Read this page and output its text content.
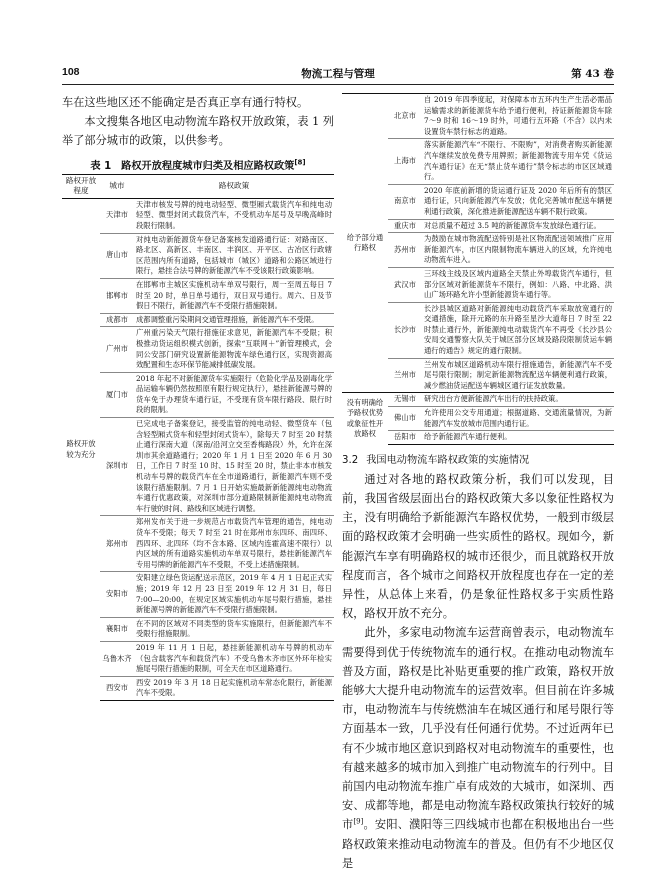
108	物流工程与管理	第 43 卷

车在这些地区还不能确定是否真正享有通行特权。

本文搜集各地区电动物流车路权开放政策，表 1 列举了部分城市的政策，以供参考。

表 1 路权开放程度城市归类及相应路权政策[8]
路权开放程度	城市	路权政策
路权开放较为充分	天津市	天津市核发号牌的纯电动轻型、微型厢式载货汽车和纯电动轻型、微型封闭式载货汽车，不受机动车尾号及早晚高峰时段限行限制。
	唐山市	对纯电动新能源货车登记备案核发道路通行证：对路南区、路北区、高新区、丰南区、丰润区、开平区、古冶区行政辖区范围内所有道路，包括城市（城区）道路和公路区域进行限行，悬挂合法号牌的新能源汽车不受该限行政策影响。
	邯郸市	在邯郸市主城区实施机动车单双号限行，周一至周五每日 7 时至 20 时，单日单号通行，双日双号通行。周六、日及节假日不限行，新能源汽车不受限行措施限制。
	成都市	成都调整重污染期间交通管理措施，新能源汽车不受限。
	广州市	广州重污染天气限行措施征求意见，新能源汽车不受限；积极推动货运组织模式创新，探索“互联网＋”新管理模式，会同公安部门研究设置新能源物流车绿色通行区，实现资源高效配置和生态环保节能减排低碳发展。
	厦门市	2018 年起不对新能源货车实施限行（危险化学品及剧毒化学品运输车辆仍然按照原有限行规定执行），悬挂新能源号牌的货车免于办理货车通行证，不受现有货车限行路段、限行时段的限制。
	深圳市	已完成电子备案登记，接受监管的纯电动轻、微型货车（包含轻型厢式货车和轻型封闭式货车），除每天 7 时至 20 时禁止通行深南大道（深南/沿河立交至香梅路段）外，允许在深圳市其余道路通行；2020 年 1 月 1 日至 2020 年 6 月 30 日，工作日 7 时至 10 时、15 时至 20 时，禁止非本市核发机动车号牌的载货汽车在全市道路通行，新能源汽车则不受该限行措施限制。7 月 1 日开始实施最新新能源纯电动物流车通行优惠政策，对深圳市部分道路限制新能源纯电动物流车行驶的时间、路线和区域进行调整。
	郑州市	郑州发布关于进一步规范占市载货汽车管理的通告，纯电动货车不受限；每天 7 时至 21 时在郑州市东四环、南四环、西四环、北四环（均不含本路、区域内连霍高速不限行）以内区域的所有道路实施机动车单双号限行，悬挂新能源汽车专用号牌的新能源汽车不受限，不受上述措施限制。
	安阳市	安阳建立绿色货运配送示范区，2019 年 4 月 1 日起正式实施；2019 年 12 月 23 日至 2019 年 12 月 31 日，每日 7:00—20:00，在规定区域实施机动车尾号限行措施，悬挂新能源号牌的新能源汽车不受限行措施限制。
	襄阳市	在不同的区域对不同类型的货车实施限行，但新能源汽车不受限行措施限制。
	乌鲁木齐	2019 年 11 月 1 日起，悬挂新能源机动车号牌的机动车（包含载客汽车和载货汽车）不受乌鲁木齐市区外环年检实施尾号限行措施的限制，可全天在市区道路通行。
	西安市	西安 2019 年 3 月 18 日起实施机动车常态化限行，新能源汽车不受限。
给予部分通行路权	北京市	自 2019 年四季度起，对保障本市五环内生产生活必需品运输需求的新能源货车给予通行便利，持证新能源货车除 7～9 时和 16～19 时外，可通行五环路（不含）以内未设置货车禁行标志的道路。
	上海市	落实新能源汽车“不限行、不限购”，对消费者购买新能源汽车继续发放免费专用牌照；新能源物流专用车凭《货运汽车通行证》在无“禁止货车通行”禁令标志的市区区域通行。
	南京市	2020 年底前新增的货运通行证及 2020 年后所有的禁区通行证，只向新能源汽车发放；优化完善城市配送车辆便利通行政策，深化推进新能源配送车辆不限行政策。
	重庆市	对总质量不超过 3.5 吨的新能源货车发放绿色通行证。
	苏州市	为鼓励在城市物流配送特别是社区物流配送领域推广应用新能源汽车，市区内限制物流车辆进入的区域，允许纯电动物流车进入。
	武汉市	三环线主线及区域内道路全天禁止外埠载货汽车通行，但部分区域对新能源货车不限行，例如：八路、中北路、洪山广场环路允许小型新能源货车通行等。
	长沙市	长沙县城区道路对新能源纯电动载货汽车采取放宽通行的交通措施，除开元路的东升路至星沙大道每日 7 时至 22 时禁止通行外，新能源纯电动载货汽车不再受《长沙县公安局交通警察大队关于城区部分区域及路段限制货运车辆通行的通告》规定的通行限制。
	兰州市	兰州发布城区道路机动车限行措施通告，新能源汽车不受尾号限行限制；制定新能源物流配送车辆便利通行政策，减少燃油货运配送车辆城区通行证发放数量。
没有明确给予路权优势或象征性开放路权	无锡市	研究出台方便新能源汽车出行的扶持政策。
	佛山市	允许使用公交专用通道；根据道路、交通流量情况，为新能源汽车发放城市范围内通行证。
	岳阳市	给予新能源汽车通行便利。
3.2 我国电动物流车路权政策的实施情况

通过对各地的路权政策分析，我们可以发现，目前，我国省级层面出台的路权政策大多以象征性路权为主，没有明确给予新能源汽车路权优势，一般到市级层面的路权政策才会明确一些实质性的路权。现如今，新能源汽车享有明确路权的城市还很少，而且就路权开放程度而言，各个城市之间路权开放程度也存在一定的差异性，从总体上来看，仍是象征性路权多于实质性路权，路权开放不充分。

此外，多家电动物流车运营商曾表示，电动物流车需要得到优于传统物流车的通行权。在推动电动物流车普及方面，路权是比补贴更重要的推广政策，路权开放能够大大提升电动物流车的运营效率。但目前在许多城市，电动物流车与传统燃油车在城区通行和尾号限行等方面基本一致，几乎没有任何通行优势。不过近两年已有不少城市地区意识到路权对电动物流车的重要性，也有越来越多的城市加入到推广电动物流车的行列中。目前国内电动物流车推广卓有成效的大城市，如深圳、西安、成都等地，都是电动物流车路权政策执行较好的城市[9]。安阳、濮阳等三四线城市也都在积极地出台一些路权政策来推动电动物流车的普及。但仍有不少地区仅是
